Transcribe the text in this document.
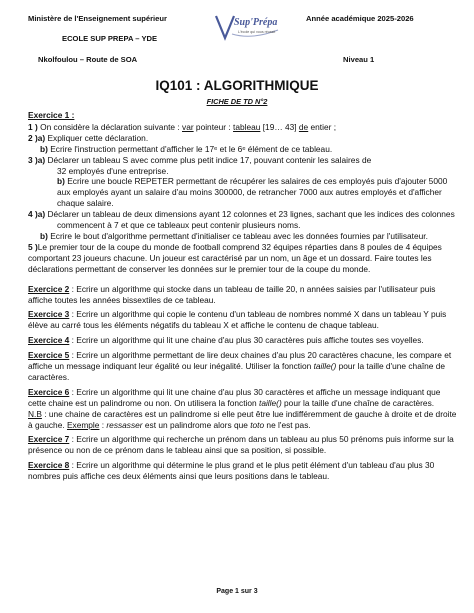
Ministère de l'Enseignement supérieur	Année académique 2025-2026
ECOLE SUP PREPA – YDE
Nkolfoulou – Route de SOA	Niveau 1
Sup'Prépa
L'école qui vous réussit
IQ101 : ALGORITHMIQUE
FICHE DE TD N°2
Exercice 1 :
1 ) On considère la déclaration suivante : var pointeur : tableau [19… 43] de entier ;
2 )a) Expliquer cette déclaration.
b) Ecrire l'instruction permettant d'afficher le 17ᵉ et le 6ᵉ élément de ce tableau.
3 )a) Déclarer un tableau S avec comme plus petit indice 17, pouvant contenir les salaires de
32 employés d'une entreprise.
b) Ecrire une boucle REPETER permettant de récupérer les salaires de ces employés puis d'ajouter 5000 aux employés ayant un salaire d'au moins 300000, de retrancher 7000 aux autres employés et d'afficher chaque salaire.
4 )a) Déclarer un tableau de deux dimensions ayant 12 colonnes et 23 lignes, sachant que les indices des colonnes
commencent à 7 et que ce tableaux peut contenir plusieurs noms.
b) Ecrire le bout d'algorithme permettant d'initialiser ce tableau avec les données fournies par l'utilisateur.
5 )Le premier tour de la coupe du monde de football comprend 32 équipes réparties dans 8 poules de 4 équipes comportant 23 joueurs chacune. Un joueur est caractérisé par un nom, un âge et un dossard. Faire toutes les déclarations permettant de conserver les données sur le premier tour de la coupe du monde.
Exercice 2 : Ecrire un algorithme qui stocke dans un tableau de taille 20, n années saisies par l'utilisateur puis affiche toutes les années bissextiles de ce tableau.
Exercice 3 : Ecrire un algorithme qui copie le contenu d'un tableau de nombres nommé X dans un tableau Y puis élève au carré tous les éléments négatifs du tableau X et affiche le contenu de chaque tableau.
Exercice 4 : Ecrire un algorithme qui lit une chaine d'au plus 30 caractères puis affiche toutes ses voyelles.
Exercice 5 : Ecrire un algorithme permettant de lire deux chaines d'au plus 20 caractères chacune, les compare et affiche un message indiquant leur égalité ou leur inégalité. Utiliser la fonction taille() pour la taille d'une chaîne de caractères.
Exercice 6 : Ecrire un algorithme qui lit une chaine d'au plus 30 caractères et affiche un message indiquant que cette chaine est un palindrome ou non. On utilisera la fonction taille() pour la taille d'une chaîne de caractères.
N.B : une chaine de caractères est un palindrome si elle peut être lue indifféremment de gauche à droite et de droite à gauche. Exemple : ressasser est un palindrome alors que toto ne l'est pas.
Exercice 7 : Ecrire un algorithme qui recherche un prénom dans un tableau au plus 50 prénoms puis informe sur la présence ou non de ce prénom dans le tableau ainsi que sa position, si possible.
Exercice 8 : Ecrire un algorithme qui détermine le plus grand et le plus petit élément d'un tableau d'au plus 30 nombres puis affiche ces deux éléments ainsi que leurs positions dans le tableau.
Page 1 sur 3
